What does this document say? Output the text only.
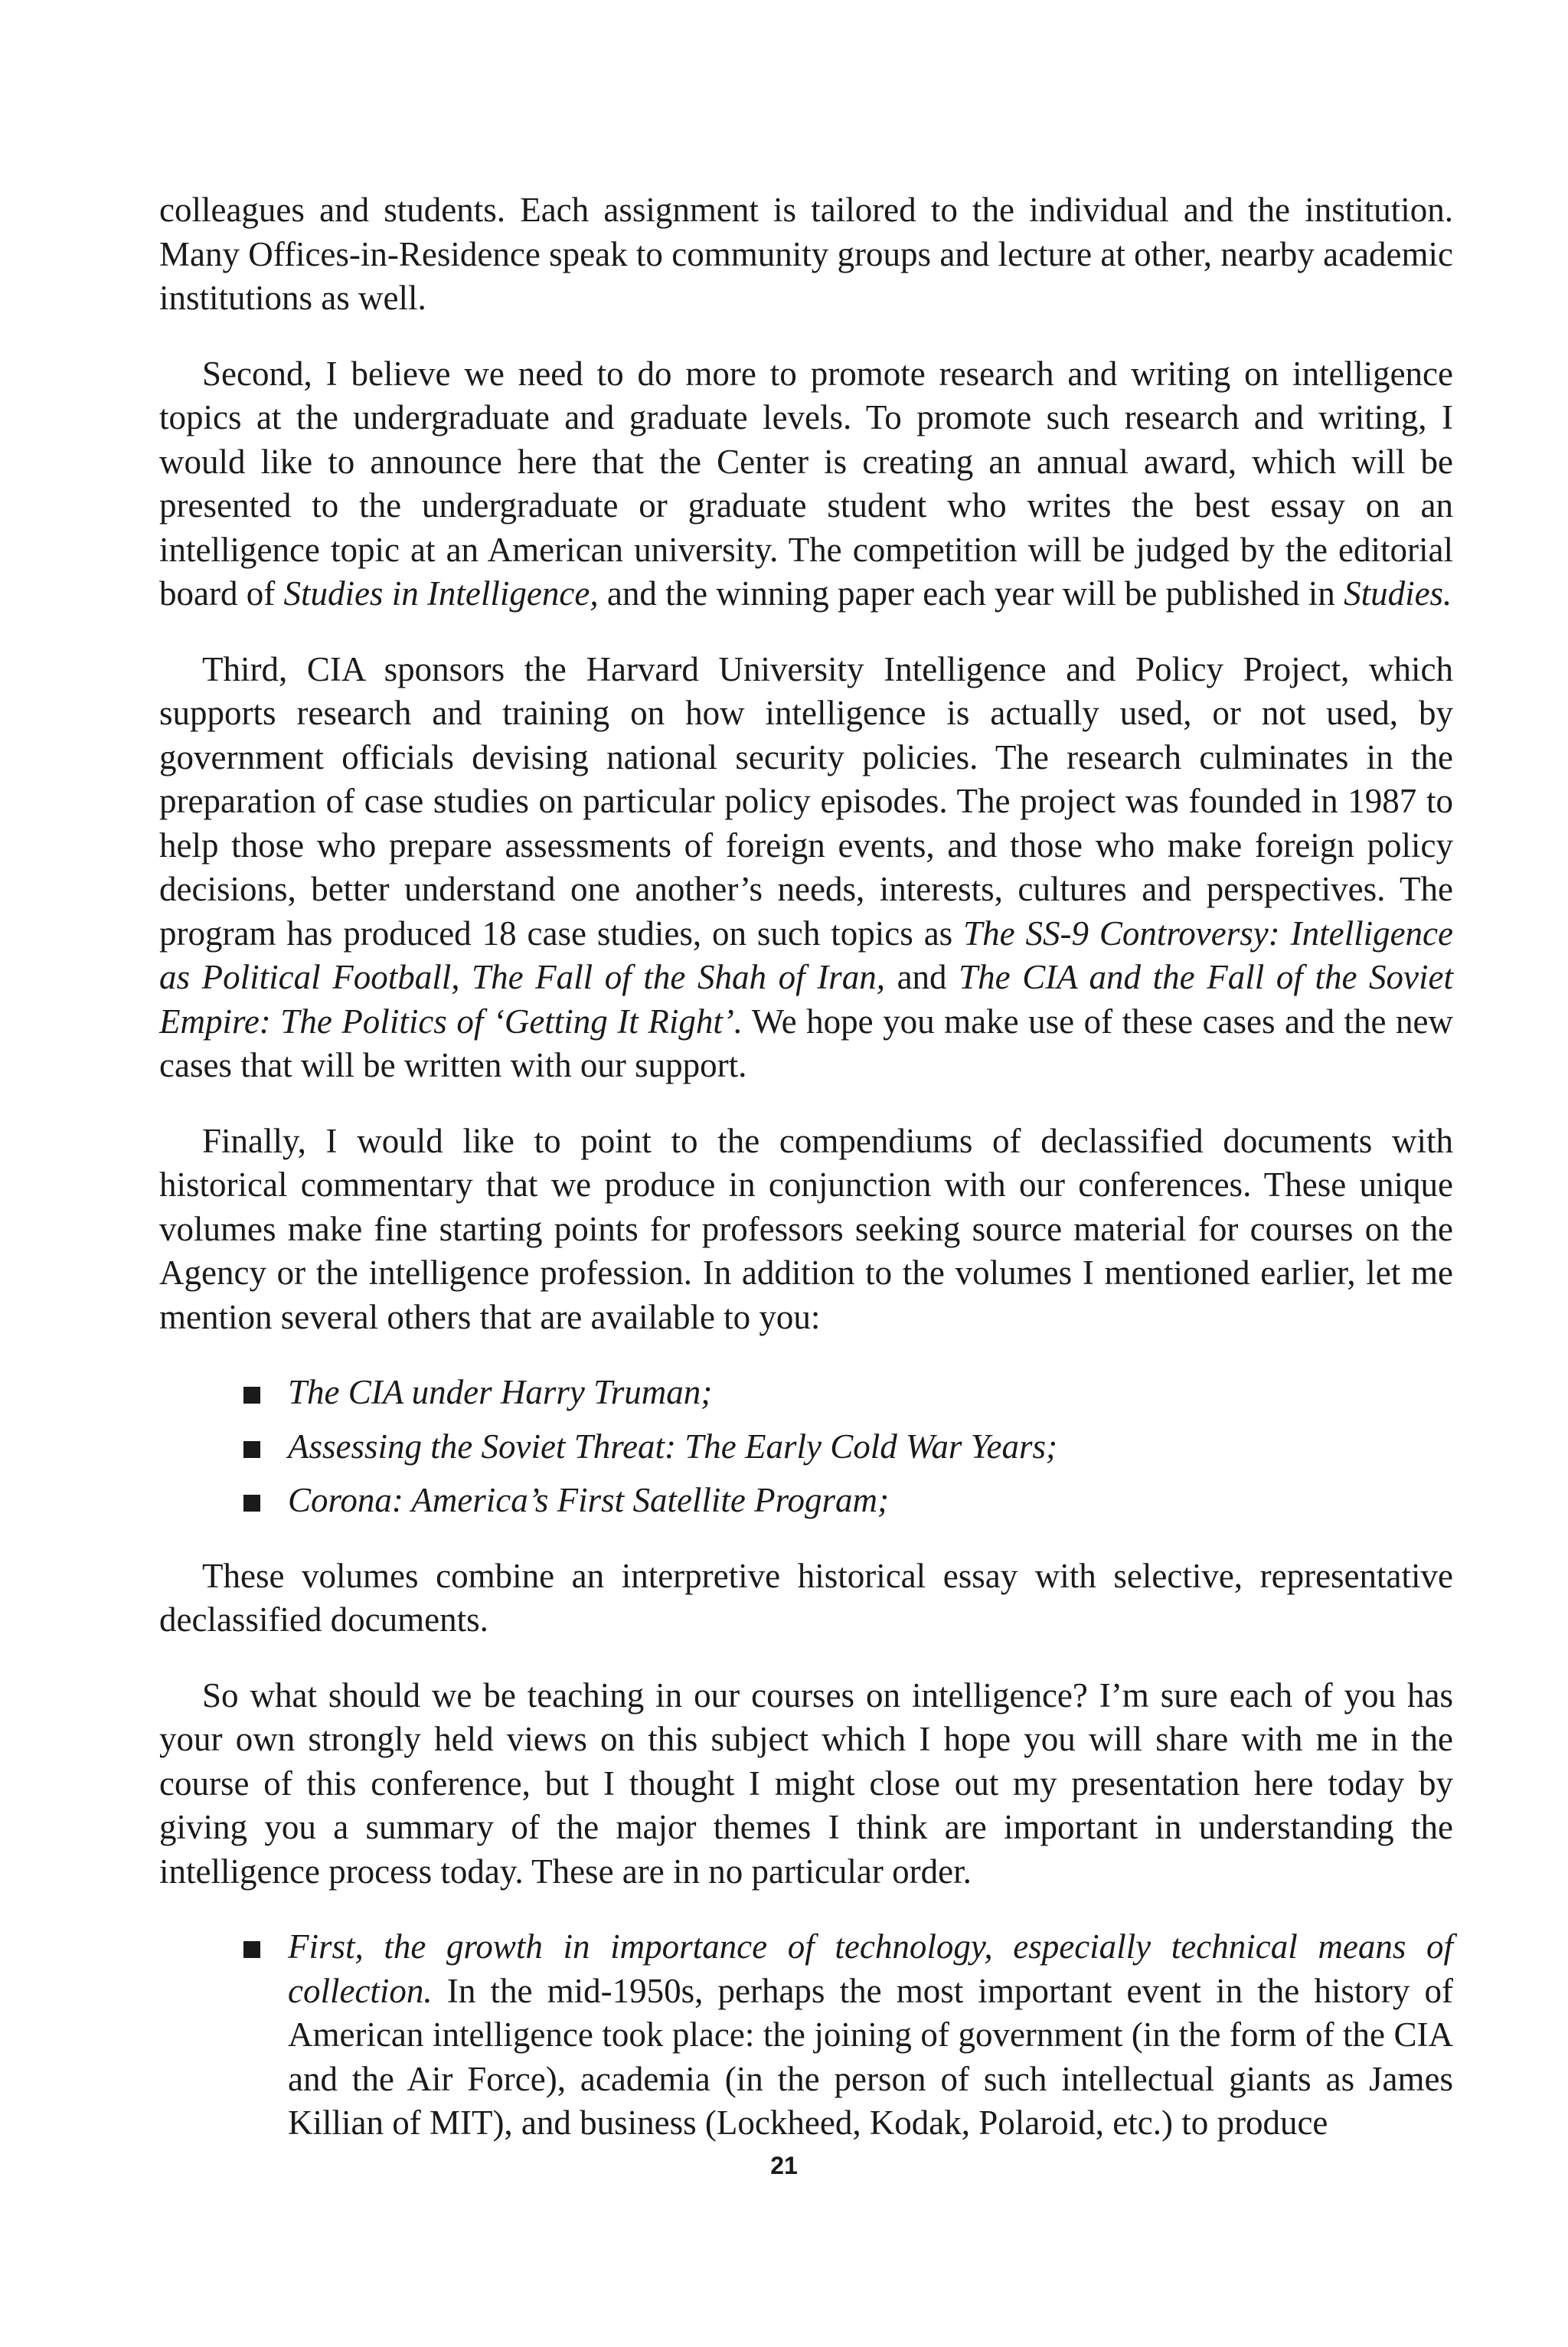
colleagues and students. Each assignment is tailored to the individual and the institution. Many Offices-in-Residence speak to community groups and lecture at other, nearby academic institutions as well.

Second, I believe we need to do more to promote research and writing on intelligence topics at the undergraduate and graduate levels. To promote such research and writing, I would like to announce here that the Center is creating an annual award, which will be presented to the undergraduate or graduate student who writes the best essay on an intelligence topic at an American university. The competition will be judged by the editorial board of Studies in Intelligence, and the winning paper each year will be published in Studies.

Third, CIA sponsors the Harvard University Intelligence and Policy Project, which supports research and training on how intelligence is actually used, or not used, by government officials devising national security policies. The research culminates in the preparation of case studies on particular policy episodes. The project was founded in 1987 to help those who prepare assessments of foreign events, and those who make foreign policy decisions, better understand one another’s needs, interests, cultures and perspectives. The program has produced 18 case studies, on such topics as The SS-9 Controversy: Intelligence as Political Football, The Fall of the Shah of Iran, and The CIA and the Fall of the Soviet Empire: The Politics of ‘Getting It Right’. We hope you make use of these cases and the new cases that will be written with our support.

Finally, I would like to point to the compendiums of declassified documents with historical commentary that we produce in conjunction with our conferences. These unique volumes make fine starting points for professors seeking source material for courses on the Agency or the intelligence profession. In addition to the volumes I mentioned earlier, let me mention several others that are available to you:

The CIA under Harry Truman;
Assessing the Soviet Threat: The Early Cold War Years;
Corona: America’s First Satellite Program;

These volumes combine an interpretive historical essay with selective, representative declassified documents.

So what should we be teaching in our courses on intelligence? I’m sure each of you has your own strongly held views on this subject which I hope you will share with me in the course of this conference, but I thought I might close out my presentation here today by giving you a summary of the major themes I think are important in understanding the intelligence process today. These are in no particular order.

First, the growth in importance of technology, especially technical means of collection. In the mid-1950s, perhaps the most important event in the history of American intelligence took place: the joining of government (in the form of the CIA and the Air Force), academia (in the person of such intellectual giants as James Killian of MIT), and business (Lockheed, Kodak, Polaroid, etc.) to produce
21
